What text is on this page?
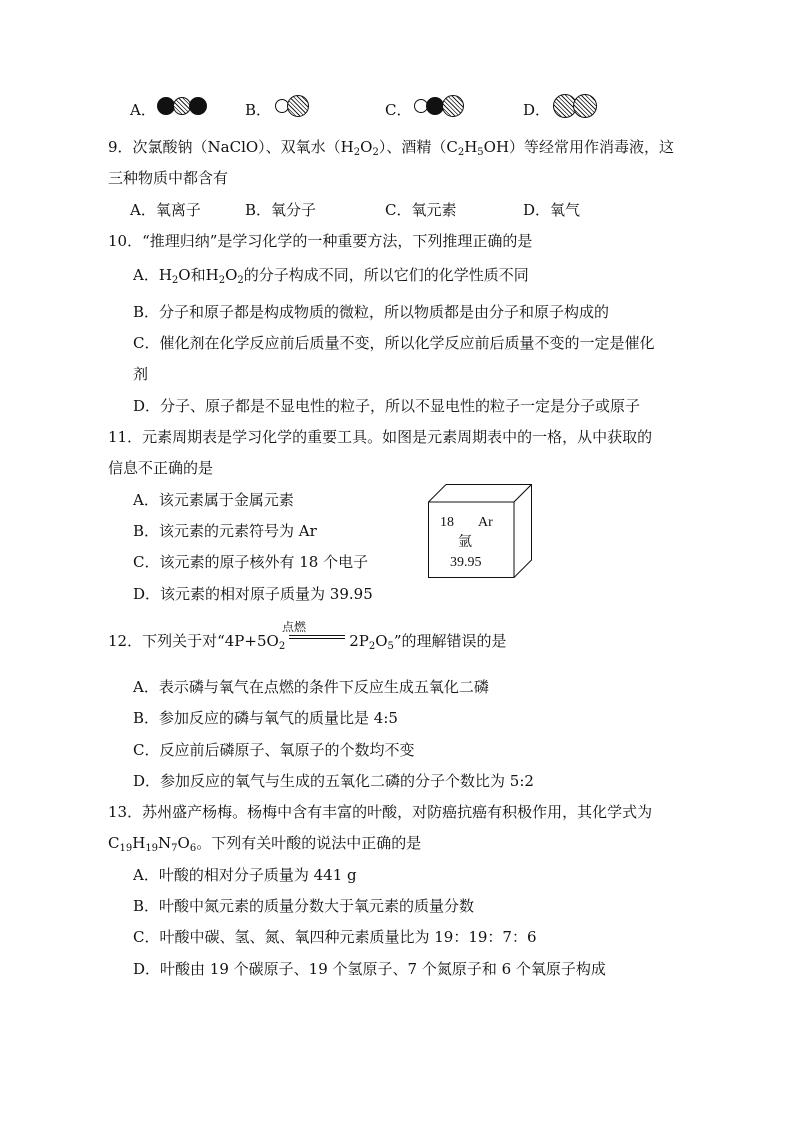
A．	B．	C．	D．
9．次氯酸钠（NaClO）、双氧水$(H_2O_2)$、酒精$(C_2H_5OH)$等经常用作消毒液，这
三种物质中都含有
A．氧离子	B．氧分子	C．氧元素	D．氧气
10．“推理归纳”是学习化学的一种重要方法，下列推理正确的是
A．$H_2O$和$H_2O_2$的分子构成不同，所以它们的化学性质不同
B．分子和原子都是构成物质的微粒，所以物质都是由分子和原子构成的
C．催化剂在化学反应前后质量不变，所以化学反应前后质量不变的一定是催化
剂
D．分子、原子都是不显电性的粒子，所以不显电性的粒子一定是分子或原子
11．元素周期表是学习化学的重要工具。如图是元素周期表中的一格，从中获取的
信息不正确的是
A．该元素属于金属元素
B．该元素的元素符号为 Ar
C．该元素的原子核外有 18 个电子
D．该元素的相对原子质量为 39.95
18 Ar
氩
39.95
12．下列关于对“$4P+5O_2$	$2P_2O_5$”的理解错误的是
点燃
A．表示磷与氧气在点燃的条件下反应生成五氧化二磷
B．参加反应的磷与氧气的质量比是 4:5
C．反应前后磷原子、氧原子的个数均不变
D．参加反应的氧气与生成的五氧化二磷的分子个数比为 5:2
13．苏州盛产杨梅。杨梅中含有丰富的叶酸，对防癌抗癌有积极作用，其化学式为
$C_{19}H_{19}N_7O_6$。下列有关叶酸的说法中正确的是
A．叶酸的相对分子质量为 441 g
B．叶酸中氮元素的质量分数大于氧元素的质量分数
C．叶酸中碳、氢、氮、氧四种元素质量比为 19：19：7：6
D．叶酸由 19 个碳原子、19 个氢原子、7 个氮原子和 6 个氧原子构成
